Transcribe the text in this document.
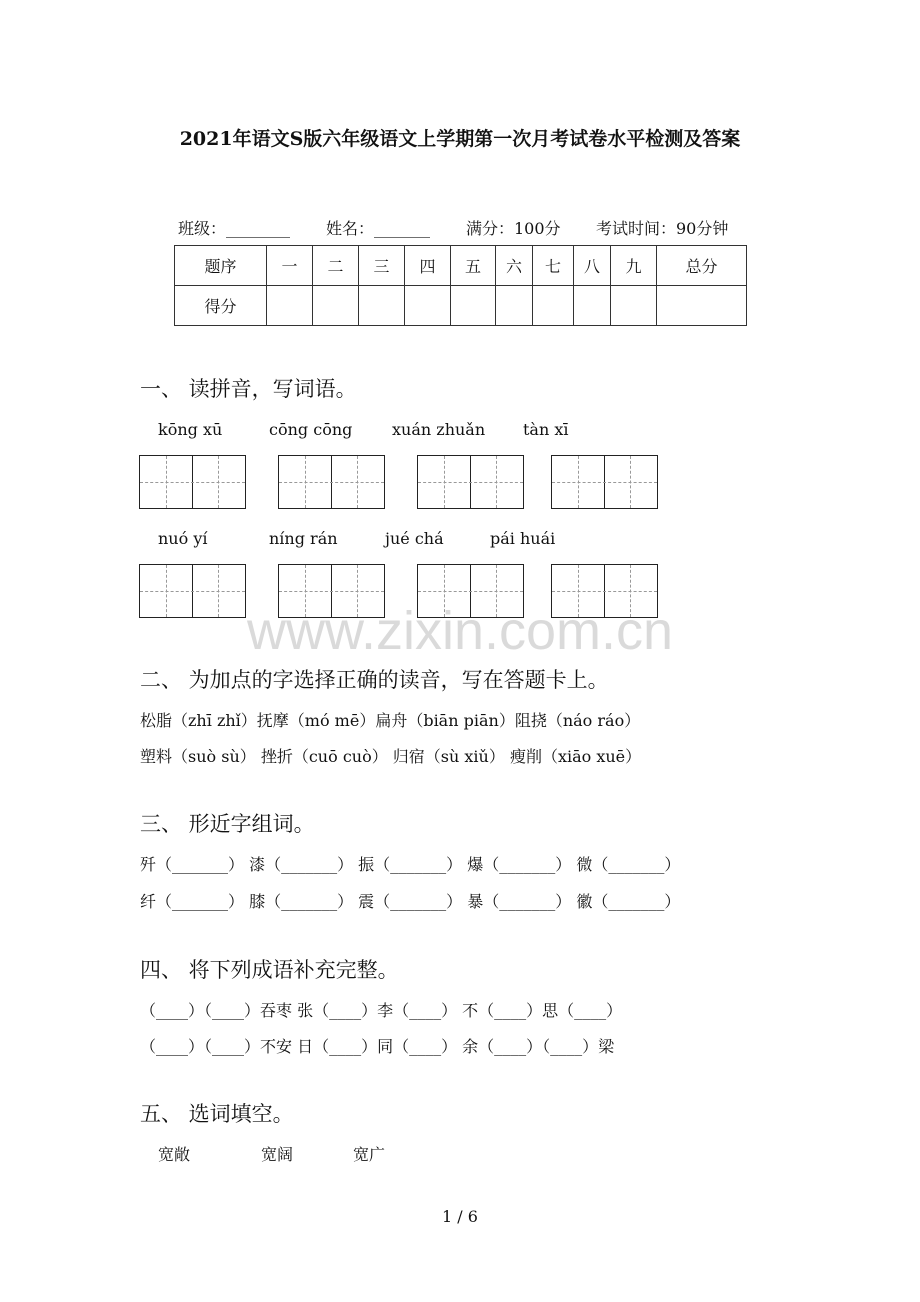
2021年语文S版六年级语文上学期第一次月考试卷水平检测及答案
班级：________ 姓名：_______ 满分：100分 考试时间：90分钟
题序	一	二	三	四	五	六	七	八	九	总分
得分										
一、 读拼音，写词语。
kōng xū	cōng cōng xuán zhuǎn tàn xī
nuó yí	níng rán	jué chá	pái huái
www.zixin.com.cn
二、 为加点的字选择正确的读音，写在答题卡上。
松脂（zhī zhǐ）抚摩（mó mē）扁舟（biān piān）阻挠（náo ráo）
塑料（suò sù） 挫折（cuō cuò） 归宿（sù xiǔ） 瘦削（xiāo xuē）
三、 形近字组词。
歼（_______） 漆（_______） 振（_______） 爆（_______） 微（_______）
纤（_______） 膝（_______） 震（_______） 暴（_______） 徽（_______）
四、 将下列成语补充完整。
（____）（____）吞枣 张（____）李（____） 不（____）思（____）
（____）（____）不安 日（____）同（____） 余（____）（____）梁
五、 选词填空。
宽敞	宽阔	宽广
1 / 6
